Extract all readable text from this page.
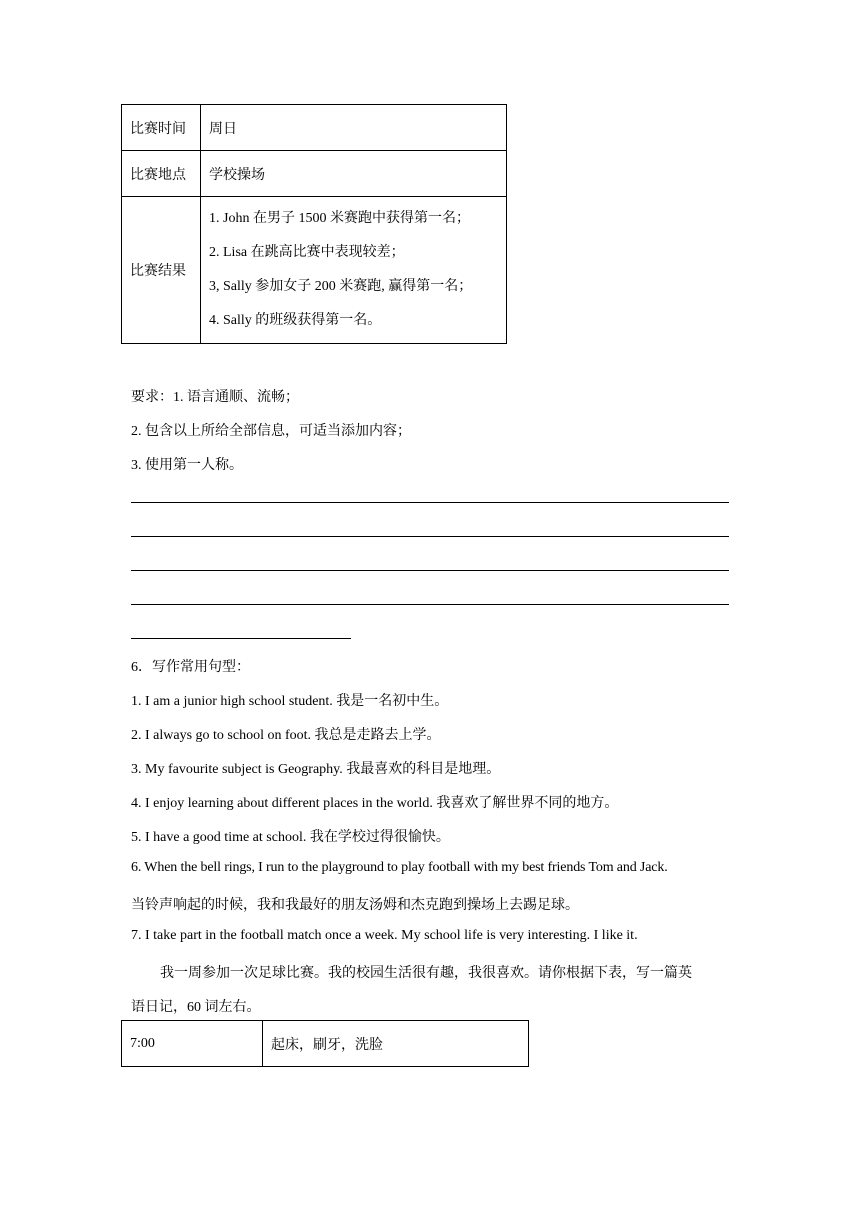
比赛时间	周日
比赛地点	学校操场
比赛结果	1. John 在男子 1500 米赛跑中获得第一名；
2. Lisa 在跳高比赛中表现较差；
3, Sally 参加女子 200 米赛跑, 赢得第一名；
4. Sally 的班级获得第一名。
要求：1. 语言通顺、流畅；
2. 包含以上所给全部信息，可适当添加内容；
3. 使用第一人称。
6．写作常用句型：
1. I am a junior high school student. 我是一名初中生。
2. I always go to school on foot. 我总是走路去上学。
3. My favourite subject is Geography. 我最喜欢的科目是地理。
4. I enjoy learning about different places in the world. 我喜欢了解世界不同的地方。
5. I have a good time at school. 我在学校过得很愉快。
6. When the bell rings, I run to the playground to play football with my best friends Tom and Jack.
当铃声响起的时候，我和我最好的朋友汤姆和杰克跑到操场上去踢足球。
7. I take part in the football match once a week. My school life is very interesting. I like it.
我一周参加一次足球比赛。我的校园生活很有趣，我很喜欢。请你根据下表，写一篇英
语日记，60 词左右。
7:00	起床，刷牙，洗脸
